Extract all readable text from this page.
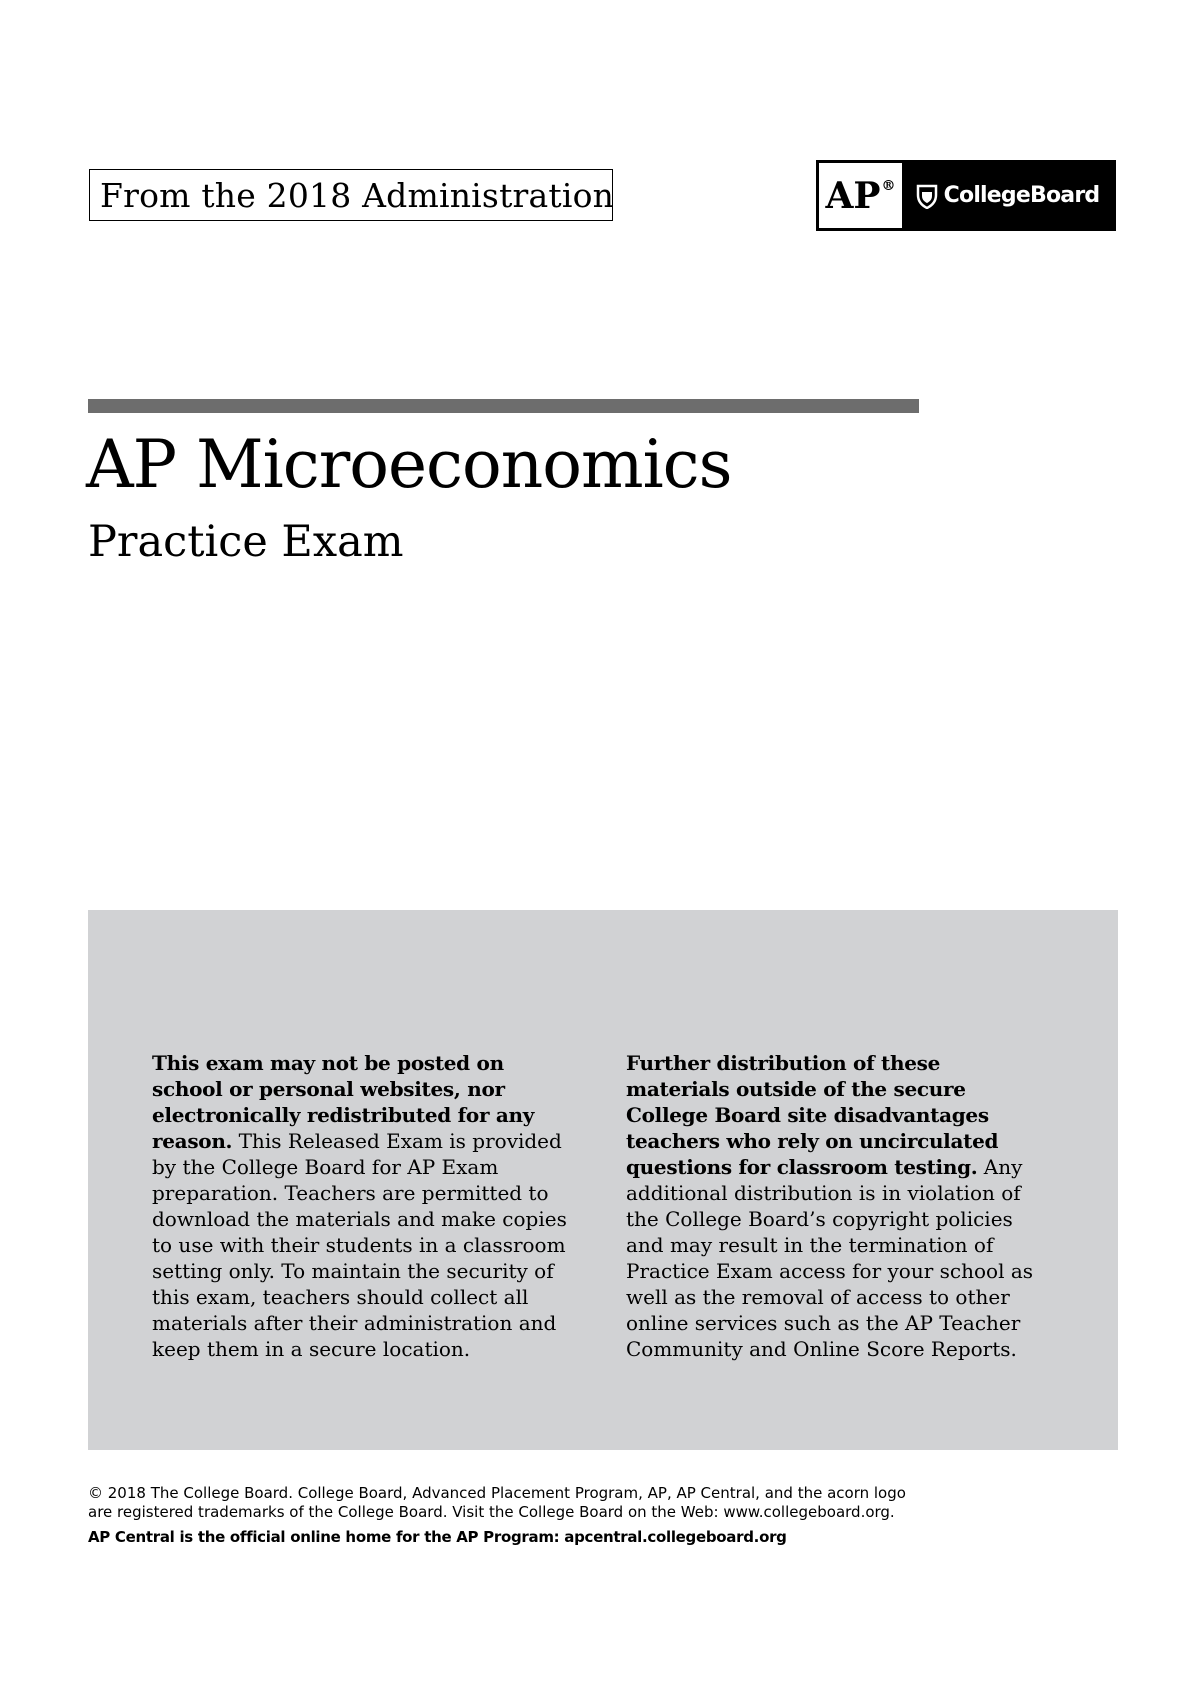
From the 2018 Administration	AP® CollegeBoard
AP Microeconomics
Practice Exam
This exam may not be posted on school or personal websites, nor electronically redistributed for any reason. This Released Exam is provided by the College Board for AP Exam preparation. Teachers are permitted to download the materials and make copies to use with their students in a classroom setting only. To maintain the security of this exam, teachers should collect all materials after their administration and keep them in a secure location.
Further distribution of these materials outside of the secure College Board site disadvantages teachers who rely on uncirculated questions for classroom testing. Any additional distribution is in violation of the College Board’s copyright policies and may result in the termination of Practice Exam access for your school as well as the removal of access to other online services such as the AP Teacher Community and Online Score Reports.
© 2018 The College Board. College Board, Advanced Placement Program, AP, AP Central, and the acorn logo
are registered trademarks of the College Board. Visit the College Board on the Web: www.collegeboard.org.
AP Central is the official online home for the AP Program: apcentral.collegeboard.org
